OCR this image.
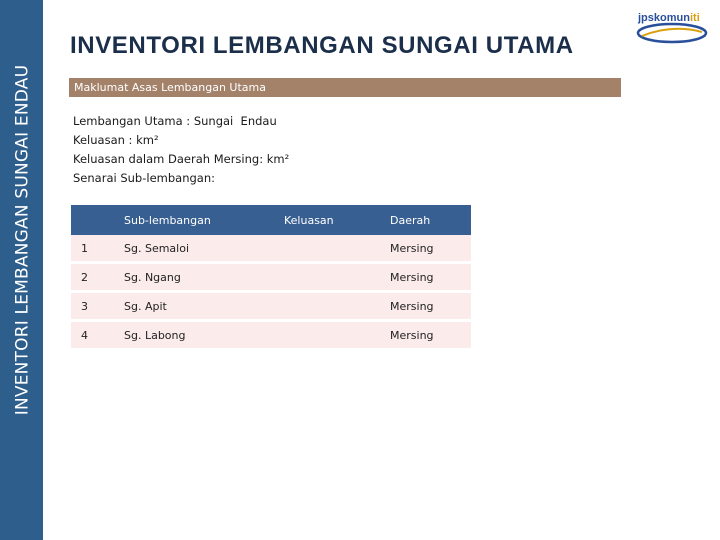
INVENTORI LEMBANGAN SUNGAI ENDAU
INVENTORI LEMBANGAN SUNGAI UTAMA
jpskomuniti
Maklumat Asas Lembangan Utama
Lembangan Utama : Sungai  Endau
Keluasan : km²
Keluasan dalam Daerah Mersing: km²
Senarai Sub-lembangan:
	Sub-lembangan	Keluasan	Daerah
1	Sg. Semaloi		Mersing
2	Sg. Ngang		Mersing
3	Sg. Apit		Mersing
4	Sg. Labong		Mersing
